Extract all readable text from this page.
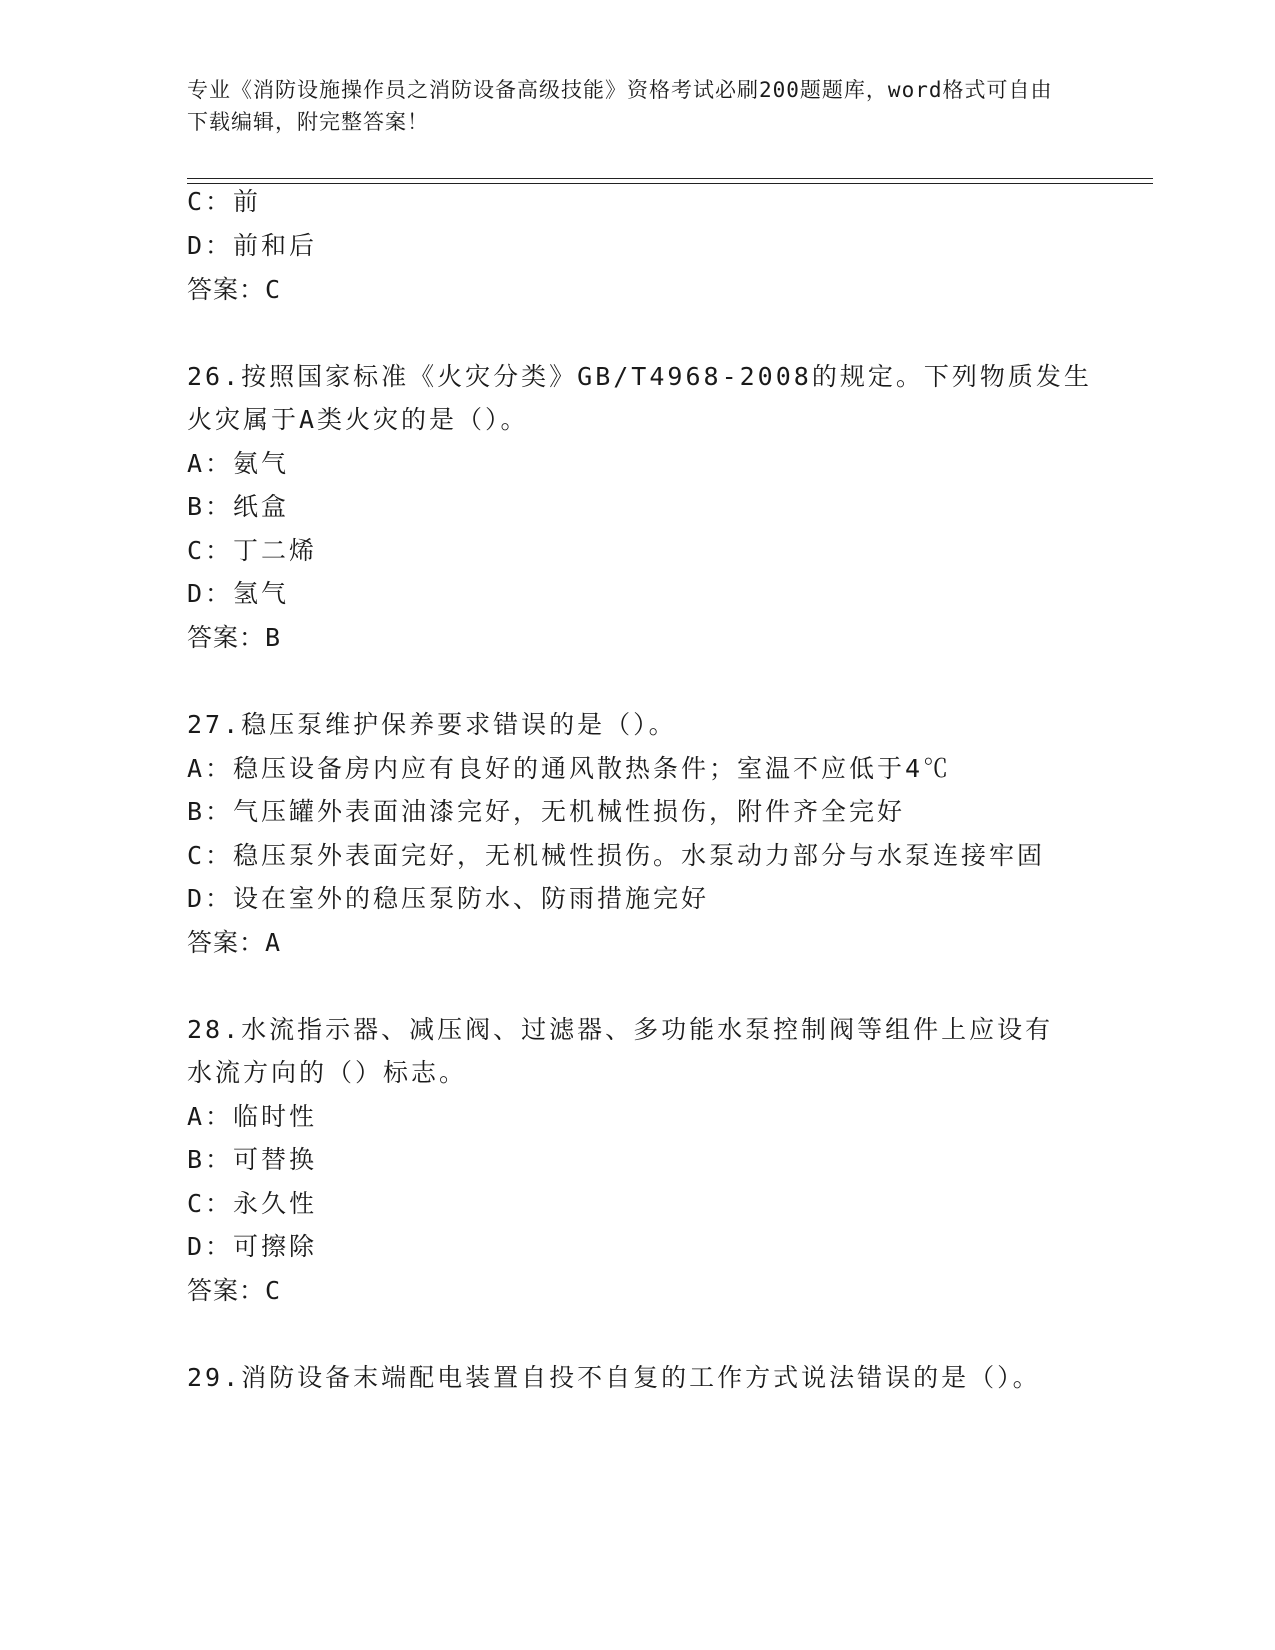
专业《消防设施操作员之消防设备高级技能》资格考试必刷200题题库，word格式可自由下载编辑，附完整答案！
C：前
D：前和后
答案：C
26.按照国家标准《火灾分类》GB/T4968-2008的规定。下列物质发生
火灾属于A类火灾的是（）。
A：氨气
B：纸盒
C：丁二烯
D：氢气
答案：B
27.稳压泵维护保养要求错误的是（）。
A：稳压设备房内应有良好的通风散热条件；室温不应低于4℃
B：气压罐外表面油漆完好，无机械性损伤，附件齐全完好
C：稳压泵外表面完好，无机械性损伤。水泵动力部分与水泵连接牢固
D：设在室外的稳压泵防水、防雨措施完好
答案：A
28.水流指示器、减压阀、过滤器、多功能水泵控制阀等组件上应设有
水流方向的（）标志。
A：临时性
B：可替换
C：永久性
D：可擦除
答案：C
29.消防设备末端配电装置自投不自复的工作方式说法错误的是（）。
